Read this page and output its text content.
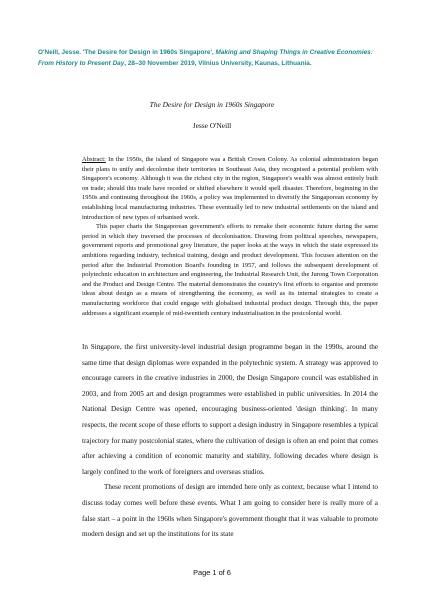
O'Neill, Jesse. 'The Desire for Design in 1960s Singapore', Making and Shaping Things in Creative Economies: From History to Present Day, 28–30 November 2019, Vilnius University, Kaunas, Lithuania.
The Desire for Design in 1960s Singapore
Jesse O'Neill

Abstract: In the 1950s, the island of Singapore was a British Crown Colony. As colonial administrators began their plans to unify and decolonise their territories in Southeast Asia, they recognised a potential problem with Singapore's economy. Although it was the richest city in the region, Singapore's wealth was almost entirely built on trade; should this trade have receded or shifted elsewhere it would spell disaster. Therefore, beginning in the 1950s and continuing throughout the 1960s, a policy was implemented to diversify the Singaporean economy by establishing local manufacturing industries. These eventually led to new industrial settlements on the island and introduction of new types of urbanised work.

This paper charts the Singaporean government's efforts to remake their economic future during the same period in which they traversed the processes of decolonisation. Drawing from political speeches, newspapers, government reports and promotional grey literature, the paper looks at the ways in which the state expressed its ambitions regarding industry, technical training, design and product development. This focuses attention on the period after the Industrial Promotion Board's founding in 1957, and follows the subsequent development of polytechnic education in architecture and engineering, the Industrial Research Unit, the Jurong Town Corporation and the Product and Design Centre. The material demonstrates the country's first efforts to organise and promote ideas about design as a means of strengthening the economy, as well as its internal strategies to create a manufacturing workforce that could engage with globalised industrial product design. Through this, the paper addresses a significant example of mid-twentieth century industrialisation in the postcolonial world.

In Singapore, the first university-level industrial design programme began in the 1990s, around the same time that design diplomas were expanded in the polytechnic system. A strategy was approved to encourage careers in the creative industries in 2000, the Design Singapore council was established in 2003, and from 2005 art and design programmes were established in public universities. In 2014 the National Design Centre was opened, encouraging business-oriented 'design thinking'. In many respects, the recent scope of these efforts to support a design industry in Singapore resembles a typical trajectory for many postcolonial states, where the cultivation of design is often an end point that comes after achieving a condition of economic maturity and stability, following decades where design is largely confined to the work of foreigners and overseas studios.

These recent promotions of design are intended here only as context, because what I intend to discuss today comes well before these events. What I am going to consider here is really more of a false start – a point in the 1960s when Singapore's government thought that it was valuable to promote modern design and set up the institutions for its state

Page 1 of 6
